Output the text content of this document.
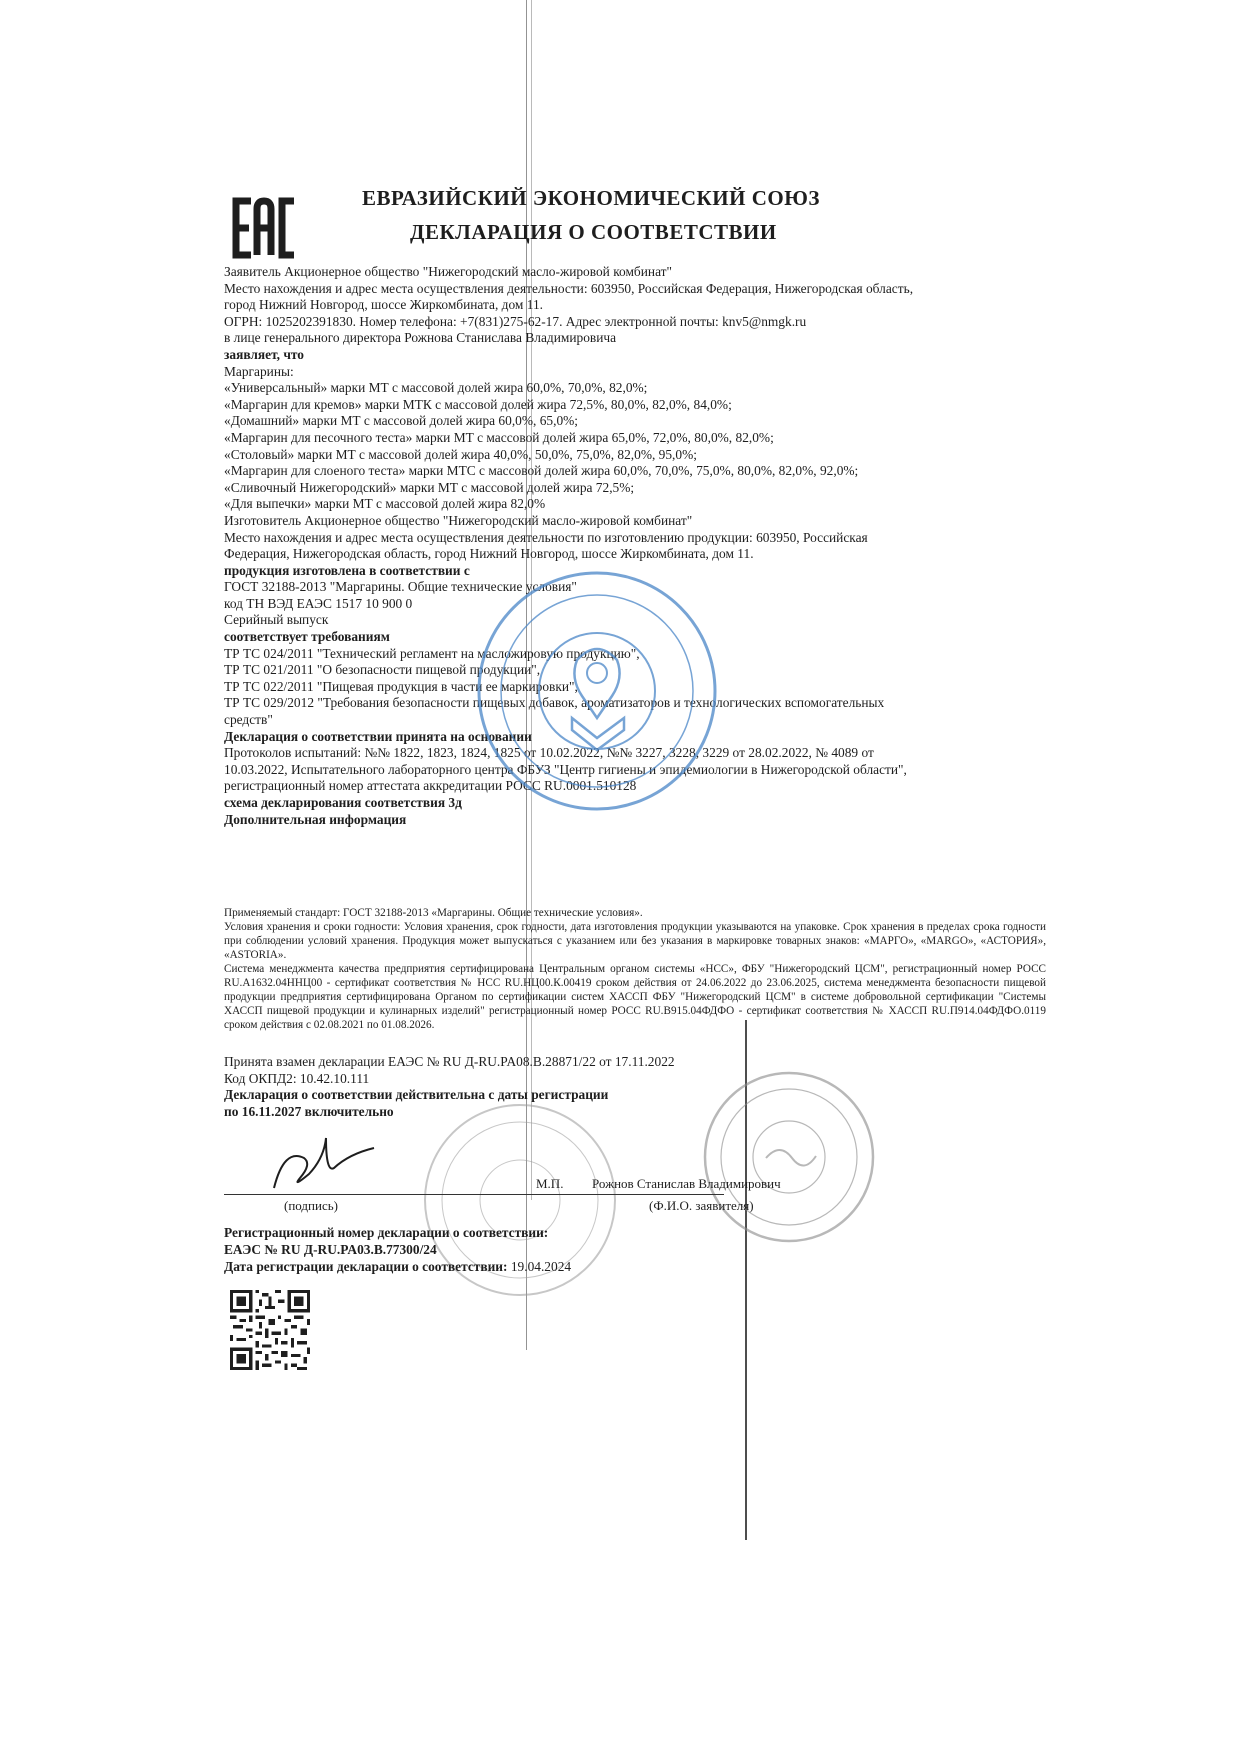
ЕВРАЗИЙСКИЙ ЭКОНОМИЧЕСКИЙ СОЮЗ
ДЕКЛАРАЦИЯ О СООТВЕТСТВИИ
Заявитель Акционерное общество "Нижегородский масло-жировой комбинат"
Место нахождения и адрес места осуществления деятельности: 603950, Российская Федерация, Нижегородская область,
город Нижний Новгород, шоссе Жиркомбината, дом 11.
ОГРН: 1025202391830. Номер телефона: +7(831)275-62-17. Адрес электронной почты: knv5@nmgk.ru
в лице генерального директора Рожнова Станислава Владимировича
заявляет, что
Маргарины:
«Универсальный» марки МТ с массовой долей жира 60,0%, 70,0%, 82,0%;
«Маргарин для кремов» марки МТК с массовой долей жира 72,5%, 80,0%, 82,0%, 84,0%;
«Домашний» марки МТ с массовой долей жира 60,0%, 65,0%;
«Маргарин для песочного теста» марки МТ с массовой долей жира 65,0%, 72,0%, 80,0%, 82,0%;
«Столовый» марки МТ с массовой долей жира 40,0%, 50,0%, 75,0%, 82,0%, 95,0%;
«Маргарин для слоеного теста» марки МТС с массовой долей жира 60,0%, 70,0%, 75,0%, 80,0%, 82,0%, 92,0%;
«Сливочный Нижегородский» марки МТ с массовой долей жира 72,5%;
«Для выпечки» марки МТ с массовой долей жира 82,0%
Изготовитель Акционерное общество "Нижегородский масло-жировой комбинат"
Место нахождения и адрес места осуществления деятельности по изготовлению продукции: 603950, Российская
Федерация, Нижегородская область, город Нижний Новгород, шоссе Жиркомбината, дом 11.
продукция изготовлена в соответствии с
ГОСТ 32188-2013 "Маргарины. Общие технические условия"
код ТН ВЭД ЕАЭС 1517 10 900 0
Серийный выпуск
соответствует требованиям
ТР ТС 024/2011 "Технический регламент на масложировую продукцию",
ТР ТС 021/2011 "О безопасности пищевой продукции",
ТР ТС 022/2011 "Пищевая продукция в части ее маркировки",
ТР ТС 029/2012 "Требования безопасности пищевых добавок, ароматизаторов и технологических вспомогательных
средств"
Декларация о соответствии принята на основании
Протоколов испытаний: №№ 1822, 1823, 1824, 1825 от 10.02.2022, №№ 3227, 3228, 3229 от 28.02.2022, № 4089 от
10.03.2022, Испытательного лабораторного центра ФБУЗ "Центр гигиены и эпидемиологии в Нижегородской области",
регистрационный номер аттестата аккредитации РОСС RU.0001.510128
схема декларирования соответствия 3д
Дополнительная информация

Применяемый стандарт: ГОСТ 32188-2013 «Маргарины. Общие технические условия».

Условия хранения и сроки годности: Условия хранения, срок годности, дата изготовления продукции указываются на упаковке. Срок хранения в пределах срока годности при соблюдении условий хранения. Продукция может выпускаться с указанием или без указания в маркировке товарных знаков: «МАРГО», «MARGO», «АСТОРИЯ», «ASTORIA».

Система менеджмента качества предприятия сертифицирована Центральным органом системы «НСС», ФБУ "Нижегородский ЦСМ", регистрационный номер РОСС RU.A1632.04ННЦ00 - сертификат соответствия № НСС RU.НЦ00.К.00419 сроком действия от 24.06.2022 до 23.06.2025, система менеджмента безопасности пищевой продукции предприятия сертифицирована Органом по сертификации систем ХАССП ФБУ "Нижегородский ЦСМ" в системе добровольной сертификации "Системы ХАССП пищевой продукции и кулинарных изделий" регистрационный номер РОСС RU.B915.04ФДФО - сертификат соответствия № ХАССП RU.П914.04ФДФО.0119 сроком действия с 02.08.2021 по 01.08.2026.

Принята взамен декларации ЕАЭС № RU Д-RU.PA08.B.28871/22 от 17.11.2022
Код ОКПД2: 10.42.10.111
Декларация о соответствии действительна с даты регистрации
по 16.11.2027 включительно
М.П. Рожнов Станислав Владимирович
(подпись)	(Ф.И.О. заявителя)
Регистрационный номер декларации о соответствии:
ЕАЭС № RU Д-RU.PA03.B.77300/24
Дата регистрации декларации о соответствии: 19.04.2024
